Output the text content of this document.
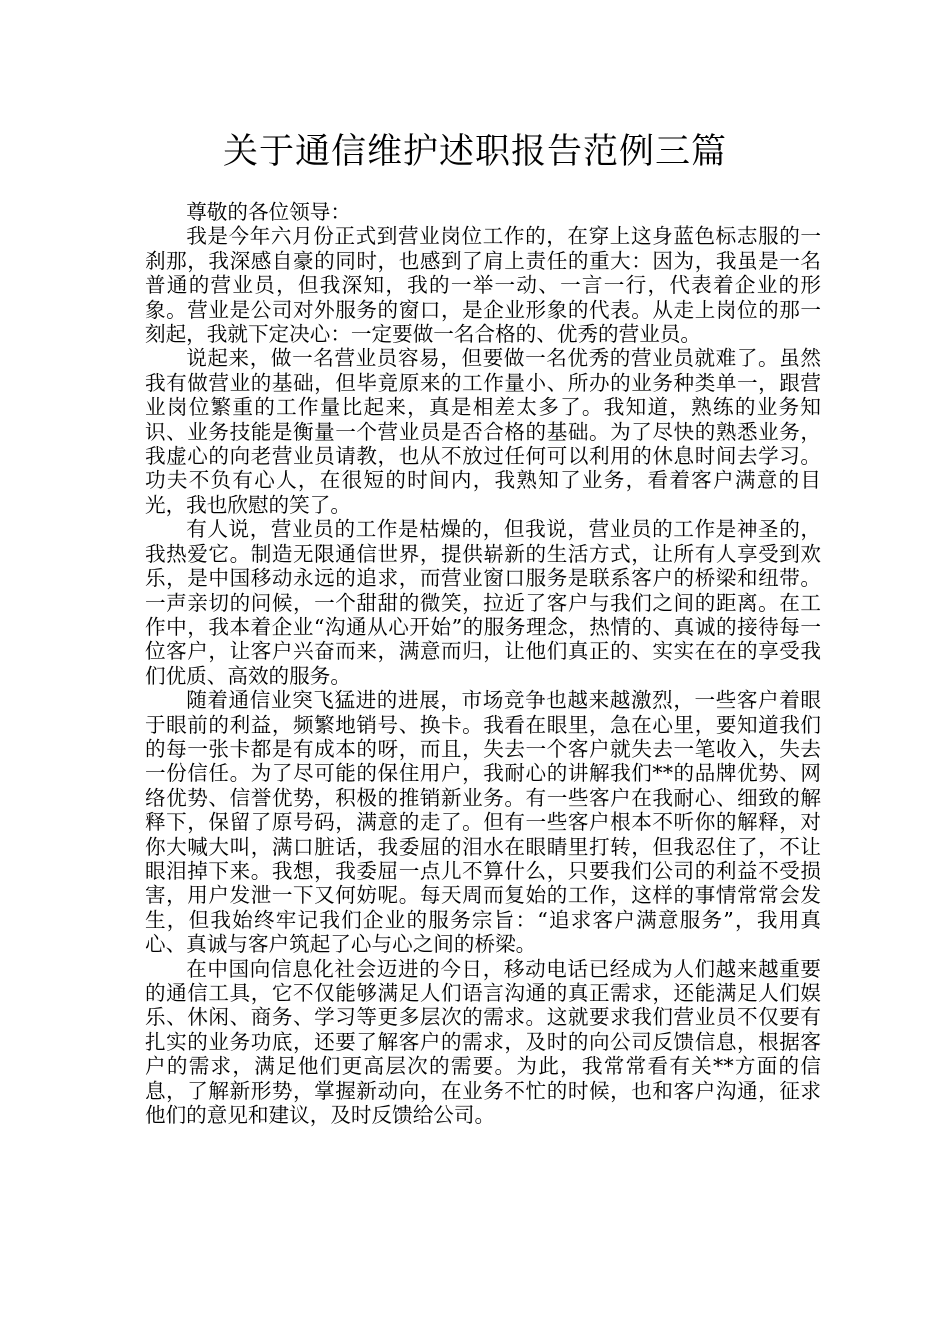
关于通信维护述职报告范例三篇

尊敬的各位领导：

我是今年六月份正式到营业岗位工作的，在穿上这身蓝色标志服的一刹那，我深感自豪的同时，也感到了肩上责任的重大：因为，我虽是一名普通的营业员，但我深知，我的一举一动、一言一行，代表着企业的形象。营业是公司对外服务的窗口，是企业形象的代表。从走上岗位的那一刻起，我就下定决心：一定要做一名合格的、优秀的营业员。

说起来，做一名营业员容易，但要做一名优秀的营业员就难了。虽然我有做营业的基础，但毕竟原来的工作量小、所办的业务种类单一，跟营业岗位繁重的工作量比起来，真是相差太多了。我知道，熟练的业务知识、业务技能是衡量一个营业员是否合格的基础。为了尽快的熟悉业务，我虚心的向老营业员请教，也从不放过任何可以利用的休息时间去学习。功夫不负有心人，在很短的时间内，我熟知了业务，看着客户满意的目光，我也欣慰的笑了。

有人说，营业员的工作是枯燥的，但我说，营业员的工作是神圣的，我热爱它。制造无限通信世界，提供崭新的生活方式，让所有人享受到欢乐，是中国移动永远的追求，而营业窗口服务是联系客户的桥梁和纽带。一声亲切的问候，一个甜甜的微笑，拉近了客户与我们之间的距离。在工作中，我本着企业“沟通从心开始”的服务理念，热情的、真诚的接待每一位客户，让客户兴奋而来，满意而归，让他们真正的、实实在在的享受我们优质、高效的服务。

随着通信业突飞猛进的进展，市场竞争也越来越激烈，一些客户着眼于眼前的利益，频繁地销号、换卡。我看在眼里，急在心里，要知道我们的每一张卡都是有成本的呀，而且，失去一个客户就失去一笔收入，失去一份信任。为了尽可能的保住用户，我耐心的讲解我们**的品牌优势、网络优势、信誉优势，积极的推销新业务。有一些客户在我耐心、细致的解释下，保留了原号码，满意的走了。但有一些客户根本不听你的解释，对你大喊大叫，满口脏话，我委屈的泪水在眼睛里打转，但我忍住了，不让眼泪掉下来。我想，我委屈一点儿不算什么，只要我们公司的利益不受损害，用户发泄一下又何妨呢。每天周而复始的工作，这样的事情常常会发生，但我始终牢记我们企业的服务宗旨：“追求客户满意服务”，我用真心、真诚与客户筑起了心与心之间的桥梁。

在中国向信息化社会迈进的今日，移动电话已经成为人们越来越重要的通信工具，它不仅能够满足人们语言沟通的真正需求，还能满足人们娱乐、休闲、商务、学习等更多层次的需求。这就要求我们营业员不仅要有扎实的业务功底，还要了解客户的需求，及时的向公司反馈信息，根据客户的需求，满足他们更高层次的需要。为此，我常常看有关**方面的信息，了解新形势，掌握新动向，在业务不忙的时候，也和客户沟通，征求他们的意见和建议，及时反馈给公司。
